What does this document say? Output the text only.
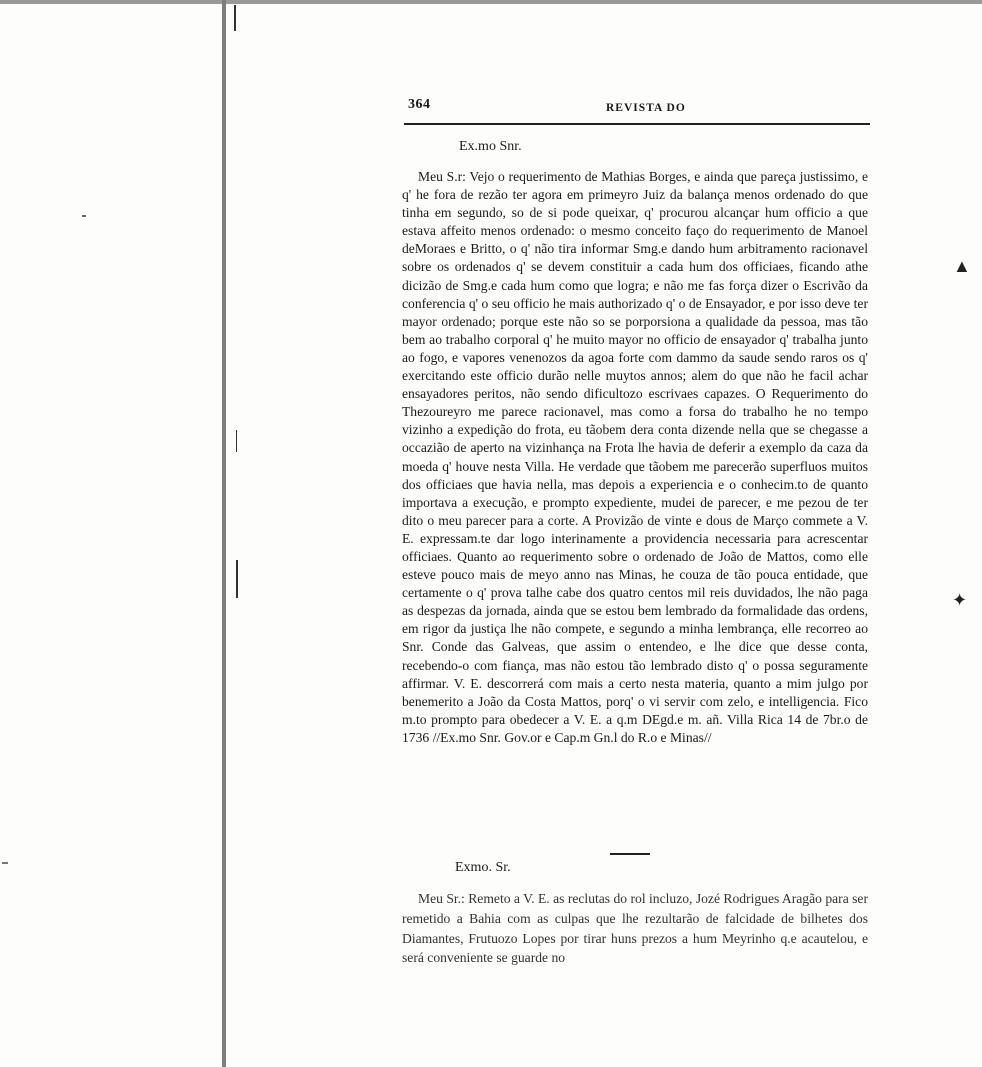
364	REVISTA DO
Ex.mo Snr.

Meu S.r: Vejo o requerimento de Mathias Borges, e ainda que pareça justissimo, e q' he fora de rezão ter agora em primeyro Juiz da balança menos ordenado do que tinha em segundo, so de si pode queixar, q' procurou alcançar hum officio a que estava affeito menos ordenado: o mesmo conceito faço do requerimento de Manoel deMoraes e Britto, o q' não tira informar Smg.e dando hum arbitramento racionavel sobre os ordenados q' se devem constituir a cada hum dos officiaes, ficando athe dicizão de Smg.e cada hum como que logra; e não me fas força dizer o Escrivão da conferencia q' o seu officio he mais authorizado q' o de Ensayador, e por isso deve ter mayor ordenado; porque este não so se porporsiona a qualidade da pessoa, mas tão bem ao trabalho corporal q' he muito mayor no officio de ensayador q' trabalha junto ao fogo, e vapores venenozos da agoa forte com dammo da saude sendo raros os q' exercitando este officio durão nelle muytos annos; alem do que não he facil achar ensayadores peritos, não sendo dificultozo escrivaes capazes. O Requerimento do Thezoureyro me parece racionavel, mas como a forsa do trabalho he no tempo vizinho a expedição do frota, eu tãobem dera conta dizende nella que se chegasse a occazião de aperto na vizinhança na Frota lhe havia de deferir a exemplo da caza da moeda q' houve nesta Villa. He verdade que tãobem me parecerão superfluos muitos dos officiaes que havia nella, mas depois a experiencia e o conhecim.to de quanto importava a execução, e prompto expediente, mudei de parecer, e me pezou de ter dito o meu parecer para a corte. A Provizão de vinte e dous de Março commete a V. E. expressam.te dar logo interinamente a providencia necessaria para acrescentar officiaes. Quanto ao requerimento sobre o ordenado de João de Mattos, como elle esteve pouco mais de meyo anno nas Minas, he couza de tão pouca entidade, que certamente o q' prova talhe cabe dos quatro centos mil reis duvidados, lhe não paga as despezas da jornada, ainda que se estou bem lembrado da formalidade das ordens, em rigor da justiça lhe não compete, e segundo a minha lembrança, elle recorreo ao Snr. Conde das Galveas, que assim o entendeo, e lhe dice que desse conta, recebendo-o com fiança, mas não estou tão lembrado disto q' o possa seguramente affirmar. V. E. descorrerá com mais a certo nesta materia, quanto a mim julgo por benemerito a João da Costa Mattos, porq' o vi servir com zelo, e intelligencia. Fico m.to prompto para obedecer a V. E. a q.m DEgd.e m. añ. Villa Rica 14 de 7br.o de 1736 //Ex.mo Snr. Gov.or e Cap.m Gn.l do R.o e Minas//

Exmo. Sr.

Meu Sr.: Remeto a V. E. as reclutas do rol incluzo, Jozé Rodrigues Aragão para ser remetido a Bahia com as culpas que lhe rezultarão de falcidade de bilhetes dos Diamantes, Frutuozo Lopes por tirar huns prezos a hum Meyrinho q.e acautelou, e será conveniente se guarde no

▲
✦
